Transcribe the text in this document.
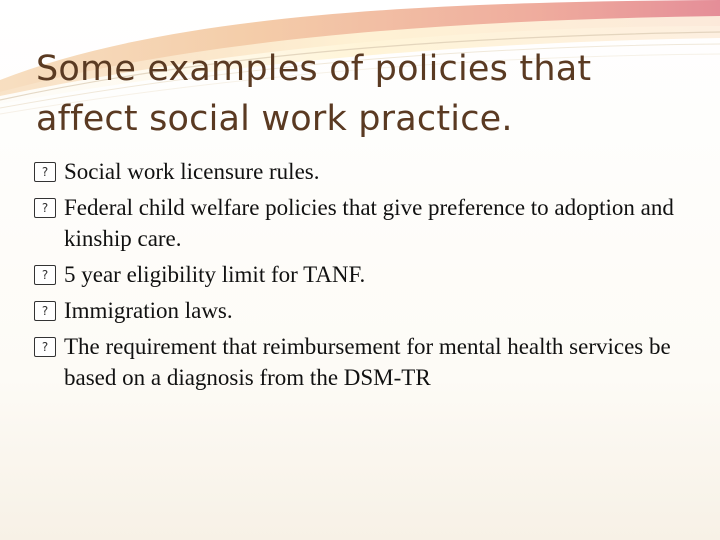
Some examples of policies that affect social work practice.
? Social work licensure rules.
? Federal child welfare policies that give preference to adoption and kinship care.
? 5 year eligibility limit for TANF.
? Immigration laws.
? The requirement that reimbursement for mental health services be based on a diagnosis from the DSM-TR
